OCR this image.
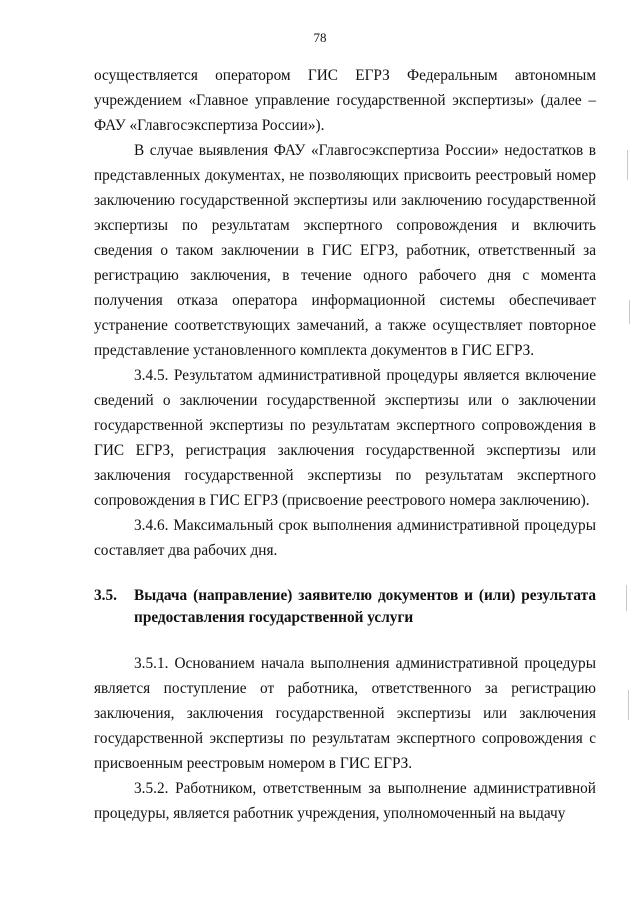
78

осуществляется оператором ГИС ЕГРЗ Федеральным автономным учреждением «Главное управление государственной экспертизы» (далее – ФАУ «Главгосэкспертиза России»).

В случае выявления ФАУ «Главгосэкспертиза России» недостатков в представленных документах, не позволяющих присвоить реестровый номер заключению государственной экспертизы или заключению государственной экспертизы по результатам экспертного сопровождения и включить сведения о таком заключении в ГИС ЕГРЗ, работник, ответственный за регистрацию заключения, в течение одного рабочего дня с момента получения отказа оператора информационной системы обеспечивает устранение соответствующих замечаний, а также осуществляет повторное представление установленного комплекта документов в ГИС ЕГРЗ.

3.4.5. Результатом административной процедуры является включение сведений о заключении государственной экспертизы или о заключении государственной экспертизы по результатам экспертного сопровождения в ГИС ЕГРЗ, регистрация заключения государственной экспертизы или заключения государственной экспертизы по результатам экспертного сопровождения в ГИС ЕГРЗ (присвоение реестрового номера заключению).

3.4.6. Максимальный срок выполнения административной процедуры составляет два рабочих дня.

3.5.	Выдача (направление) заявителю документов и (или) результата предоставления государственной услуги

3.5.1. Основанием начала выполнения административной процедуры является поступление от работника, ответственного за регистрацию заключения, заключения государственной экспертизы или заключения государственной экспертизы по результатам экспертного сопровождения с присвоенным реестровым номером в ГИС ЕГРЗ.

3.5.2. Работником, ответственным за выполнение административной процедуры, является работник учреждения, уполномоченный на выдачу
